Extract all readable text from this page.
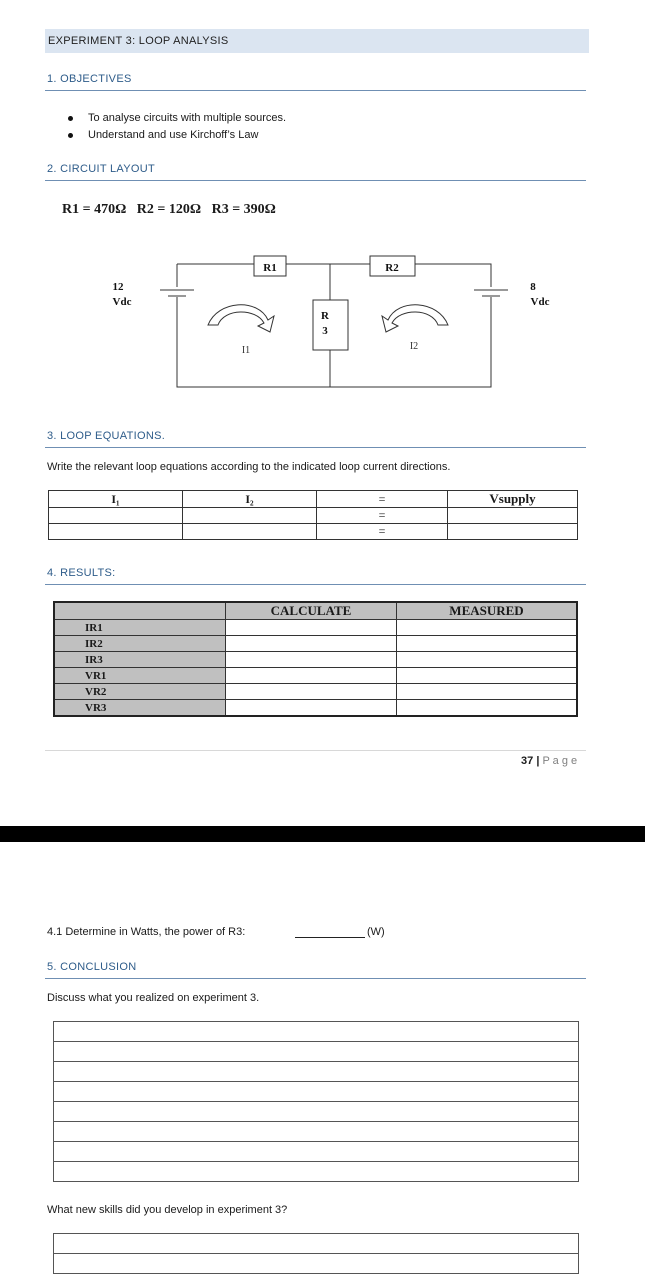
EXPERIMENT 3: LOOP ANALYSIS
1. OBJECTIVES
To analyse circuits with multiple sources.
Understand and use Kirchoff’s Law
2. CIRCUIT LAYOUT
R1 = 470Ω   R2 = 120Ω   R3 = 390Ω
R1	R2
R
3
12
Vdc
8
Vdc
I1	I2
3. LOOP EQUATIONS.
Write the relevant loop equations according to the indicated loop current directions.
I₁	I₂	=	Vsupply
		=	
		=	
4. RESULTS:
	CALCULATE	MEASURED
IR1		
IR2		
IR3		
VR1		
VR2		
VR3		
37 | P a g e
4.1 Determine in Watts, the power of R3:	(W)
5. CONCLUSION
Discuss what you realized on experiment 3.

What new skills did you develop in experiment 3?
